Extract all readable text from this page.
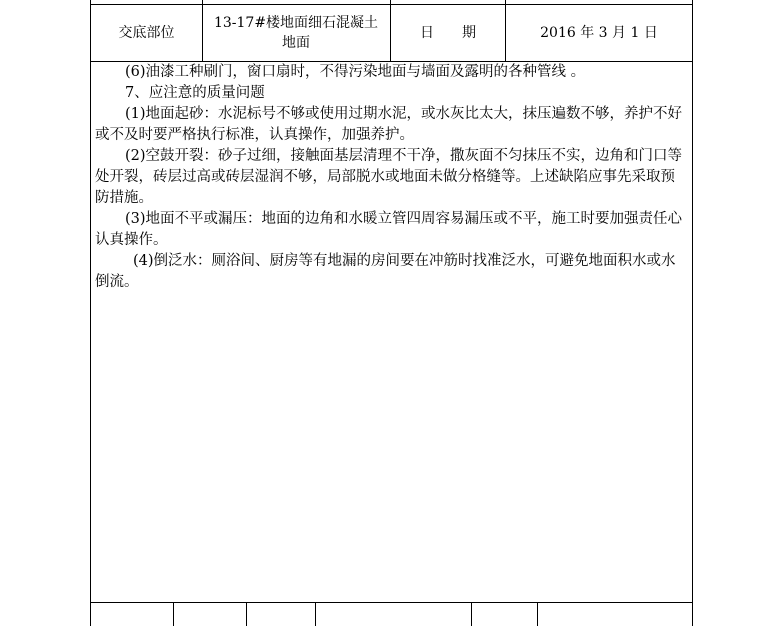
交底部位
13-17#楼地面细石混凝土地面
日　　期	2016 年 3 月 1 日

(6)油漆工种刷门，窗口扇时，不得污染地面与墙面及露明的各种管线 。

7、应注意的质量问题

(1)地面起砂：水泥标号不够或使用过期水泥，或水灰比太大，抹压遍数不够，养护不好或不及时要严格执行标准，认真操作，加强养护。

(2)空鼓开裂：砂子过细，接触面基层清理不干净，撒灰面不匀抹压不实，边角和门口等处开裂，砖层过高或砖层湿润不够，局部脱水或地面未做分格缝等。上述缺陷应事先采取预防措施。

(3)地面不平或漏压：地面的边角和水暖立管四周容易漏压或不平，施工时要加强责任心认真操作。

(4)倒泛水：厕浴间、厨房等有地漏的房间要在冲筋时找准泛水，可避免地面积水或水倒流。
